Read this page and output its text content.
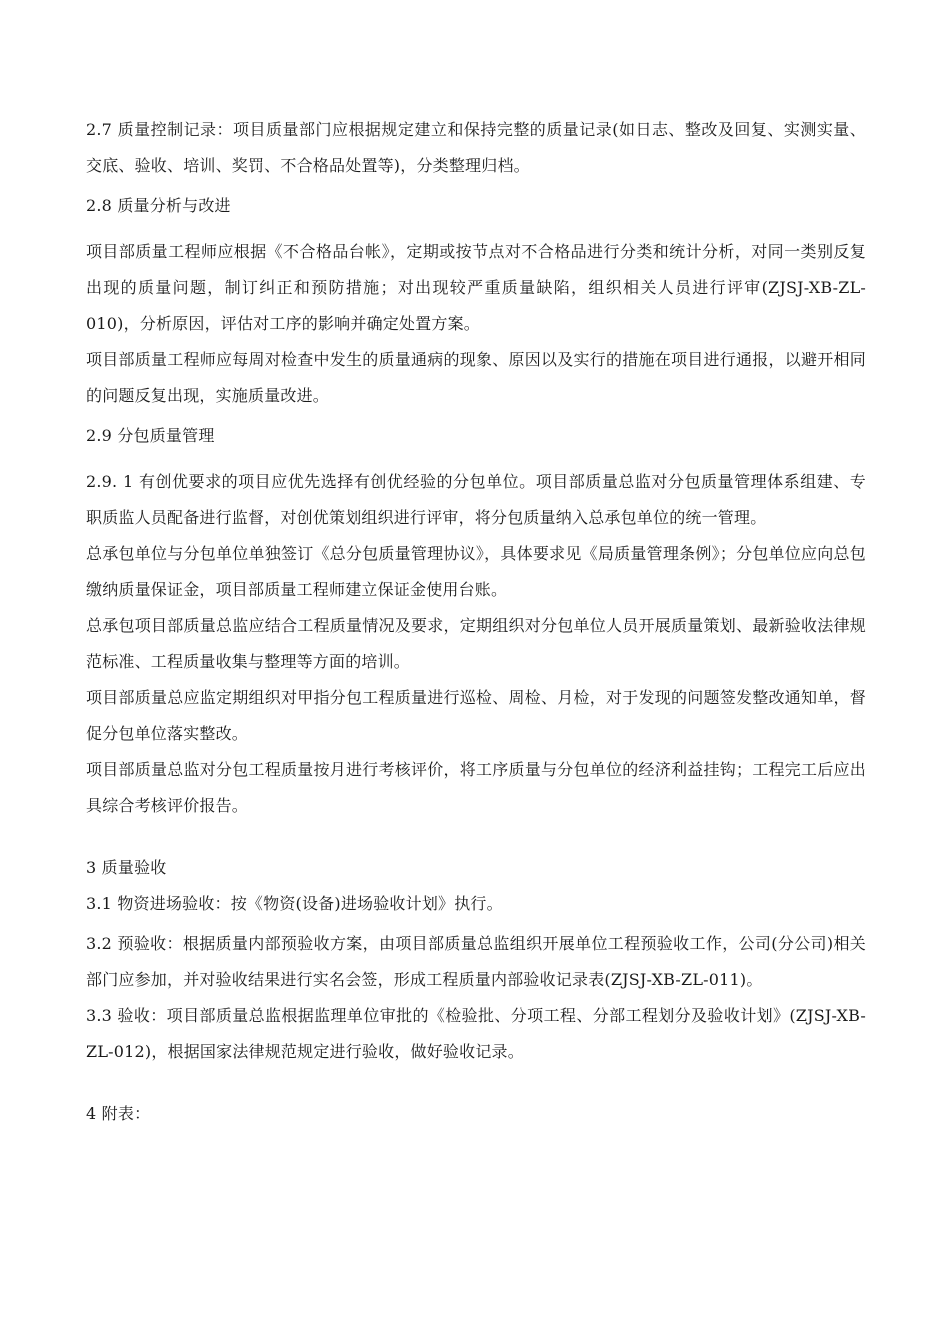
2.7 质量控制记录：项目质量部门应根据规定建立和保持完整的质量记录(如日志、整改及回复、实测实量、交底、验收、培训、奖罚、不合格品处置等)，分类整理归档。

2.8 质量分析与改进

项目部质量工程师应根据《不合格品台帐》，定期或按节点对不合格品进行分类和统计分析，对同一类别反复出现的质量问题，制订纠正和预防措施；对出现较严重质量缺陷，组织相关人员进行评审(ZJSJ-XB-ZL-010)，分析原因，评估对工序的影响并确定处置方案。

项目部质量工程师应每周对检查中发生的质量通病的现象、原因以及实行的措施在项目进行通报，以避开相同的问题反复出现，实施质量改进。

2.9 分包质量管理

2.9. 1 有创优要求的项目应优先选择有创优经验的分包单位。项目部质量总监对分包质量管理体系组建、专职质监人员配备进行监督，对创优策划组织进行评审，将分包质量纳入总承包单位的统一管理。

总承包单位与分包单位单独签订《总分包质量管理协议》，具体要求见《局质量管理条例》；分包单位应向总包缴纳质量保证金，项目部质量工程师建立保证金使用台账。

总承包项目部质量总监应结合工程质量情况及要求，定期组织对分包单位人员开展质量策划、最新验收法律规范标准、工程质量收集与整理等方面的培训。

项目部质量总应监定期组织对甲指分包工程质量进行巡检、周检、月检，对于发现的问题签发整改通知单，督促分包单位落实整改。

项目部质量总监对分包工程质量按月进行考核评价，将工序质量与分包单位的经济利益挂钩；工程完工后应出具综合考核评价报告。

3 质量验收

3.1 物资进场验收：按《物资(设备)进场验收计划》执行。

3.2 预验收：根据质量内部预验收方案，由项目部质量总监组织开展单位工程预验收工作，公司(分公司)相关部门应参加，并对验收结果进行实名会签，形成工程质量内部验收记录表(ZJSJ-XB-ZL-011)。

3.3 验收：项目部质量总监根据监理单位审批的《检验批、分项工程、分部工程划分及验收计划》(ZJSJ-XB-ZL-012)，根据国家法律规范规定进行验收，做好验收记录。

4 附表：
